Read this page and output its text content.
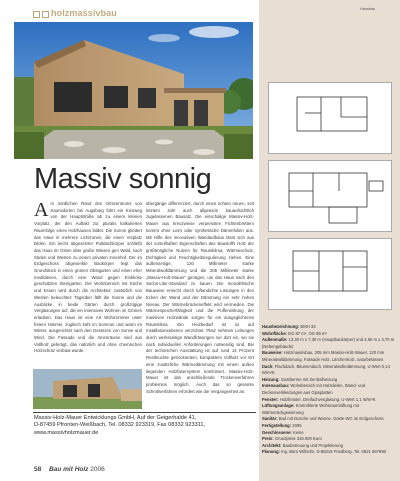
holzmassivbau
Massiv sonnig
A m nördlichen Rand des Ortszentrums von Kaunsdorten bei Augsburg führt ein Kiesweg von der Hauptstraße ab zu einem kleinen Vorplatz, der den Auftakt zur pluralis kalkulierten Raumfolge eines Holzhauses bildet. Die Sonne gliedert das Haus in mehrere Lichtzonen, die einen Vorplatz bilden. Ein leicht abgesetzter Pultdachkörper schließt das Haus im Osten über große Wiesen gen Wald, nach Süden und Westen zu einem privaten Innenhof. Der im Erdgeschoss abgesenkte Baukörper liegt das Grundstück in einen grünen Obstgarten und einen eher meditativen, durch eine Wand gegen Einblicke geschützten Steingarten. Der Wohnbereich mit Küche und Essen wird durch die Architektur zusätzlich von Westen beleuchtet: Tagsüber fällt die Sonne und die Ausblicke in beide Gärten durch großzügige Verglasungen auf, die ein intensives Wohnen im Grünen erlauben. Das Haus ist eine Art Wohnzimmer unter freiem Himmel, zugleich kühl im Sommer und warm im Winter, ausgerichtet nach den Gesetzen von Sonne und Wind. Die Fassade und die Innenräume sind aus Vollholz gefertigt, das natürlich und ohne chemischen Holzschutz verbaut wurde.
übergänge differenziert, durch einen echten neuen, seit letztem Jahr auch allgemein bauaufsichtlich zugelassenen Bausatz. Die einschalige Massiv-Holz-Mauer aus kreuzweise verpressten Fichtenbrettern kommt ohne Leim oder synthetische Dämmfolien aus. Mit Hilfe des innovativen Wandaufbaus lässt sich aus der vorteilhaften Eigenschaften des Baustoffs Holz der größtmögliche Nutzen für Raumklima, Wärmeschutz, Dichtigkeit und Feuchtigkeitsregulierung ziehen. Eine außenseitige, 120 Millimeter starke Mineralwolldämmung und die 205 Millimeter starke „Massiv-Holz-Mauer“ genügen, um das Haus nach den Sechs-Liter-Standard zu bauen. Die monolithische Bauweise erreicht durch luftundichte Lösungen in den Ecken der Wand und der Dämmung ein sehr hohes Niveau. Der Wärmebrückeneffekt wird vermieden. Die Wärmespeicherfähigkeit und die Pufferwirkung der massiven Holzwände sorgen für ein ausgeglichenes Raumklima. Ein Heizbedarf ist so auf Installationsebenen verzichtet. Platz nehmen Leitungen durch werksseitige Wandfräsungen nur dort ein, wo sie nach individuellen Anforderungen notwendig sind. Bei der technischen Ausstattung ist auf rund 14 Prozent Restfeuchte getrocknetem, kompaktem Vollholz vor Ort eine zusätzliche Wärmedämmung mit einem außen liegenden Holzfasersystem kombiniert. Massiv-Holz-Mauer ist das anschließende Trockenverfahren problemlos möglich. Auch das so gesamte Schnittverfahren erfordert wie die Vergangenheit an.
Massiv-Holz-Mauer Entwicklungs GmbH, Auf der Geigerhalde 41,
D-87459 Pfronten-Weißbach, Tel. 08332 923319, Fax 08332 923311,
www.massivholzmauer.de
58 Bau mit Holz 2006
Hausbau
Hausbezeichnung: BMH 33
Wohnfläche: EG 87 m², OG 86 m²
Außenmaße: 13,30 m x 7,30 m (Hauptbaukörper) und 4,60 m x 3,70 m (Nebengebäude)
Bauweise: Holzmassivbau, 205 mm Massiv-Holz-Mauer, 120 mm Mineralwolldämmung, Fassade Holz, Lärchenholz, naturbelassen
Dach: Flachdach, Bitumendach, Mineralwolledämmung, U-Wert 0,14 W/m²K
Heizung: Gastherme mit Zentralheizung
Innenausbau: Wohnbereich mit Holzdielen, Wand- und Deckenverkleidungen aus Gipsplatten
Fenster: Holzfenster, Dreifachverglasung, U-Wert 1,1 W/m²K
Lüftungsanlage: Kontrollierte Wohnraumlüftung mit Wärmerückgewinnung
Sanitär: Bad mit Dusche und Wanne, Gäste-WC im Erdgeschoss
Fertigstellung: 2005
Geschlossene: Keine
Preis: Grundpreis 315.000 Euro
Architekt: Baubetreuung und Projektierung
Planung: Ing. Büro Wilhelm, D-86316 Friedberg, Tel. 0821 567890
